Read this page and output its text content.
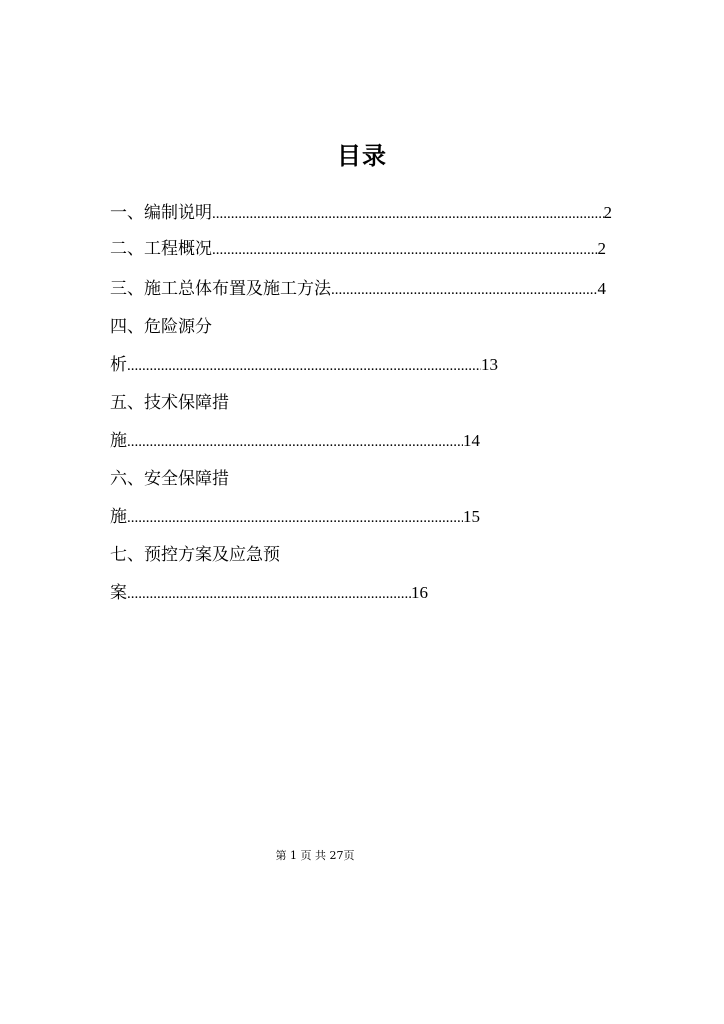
目录
一、编制说明 .....	2
二、工程概况 .....	2
三、施工总体布置及施工方法 .....	4
四、危险源分
析 .....	13
五、技术保障措
施 .....	14
六、安全保障措
施 .....	15
七、预控方案及应急预
案 .....	16
第 1 页 共 27页
